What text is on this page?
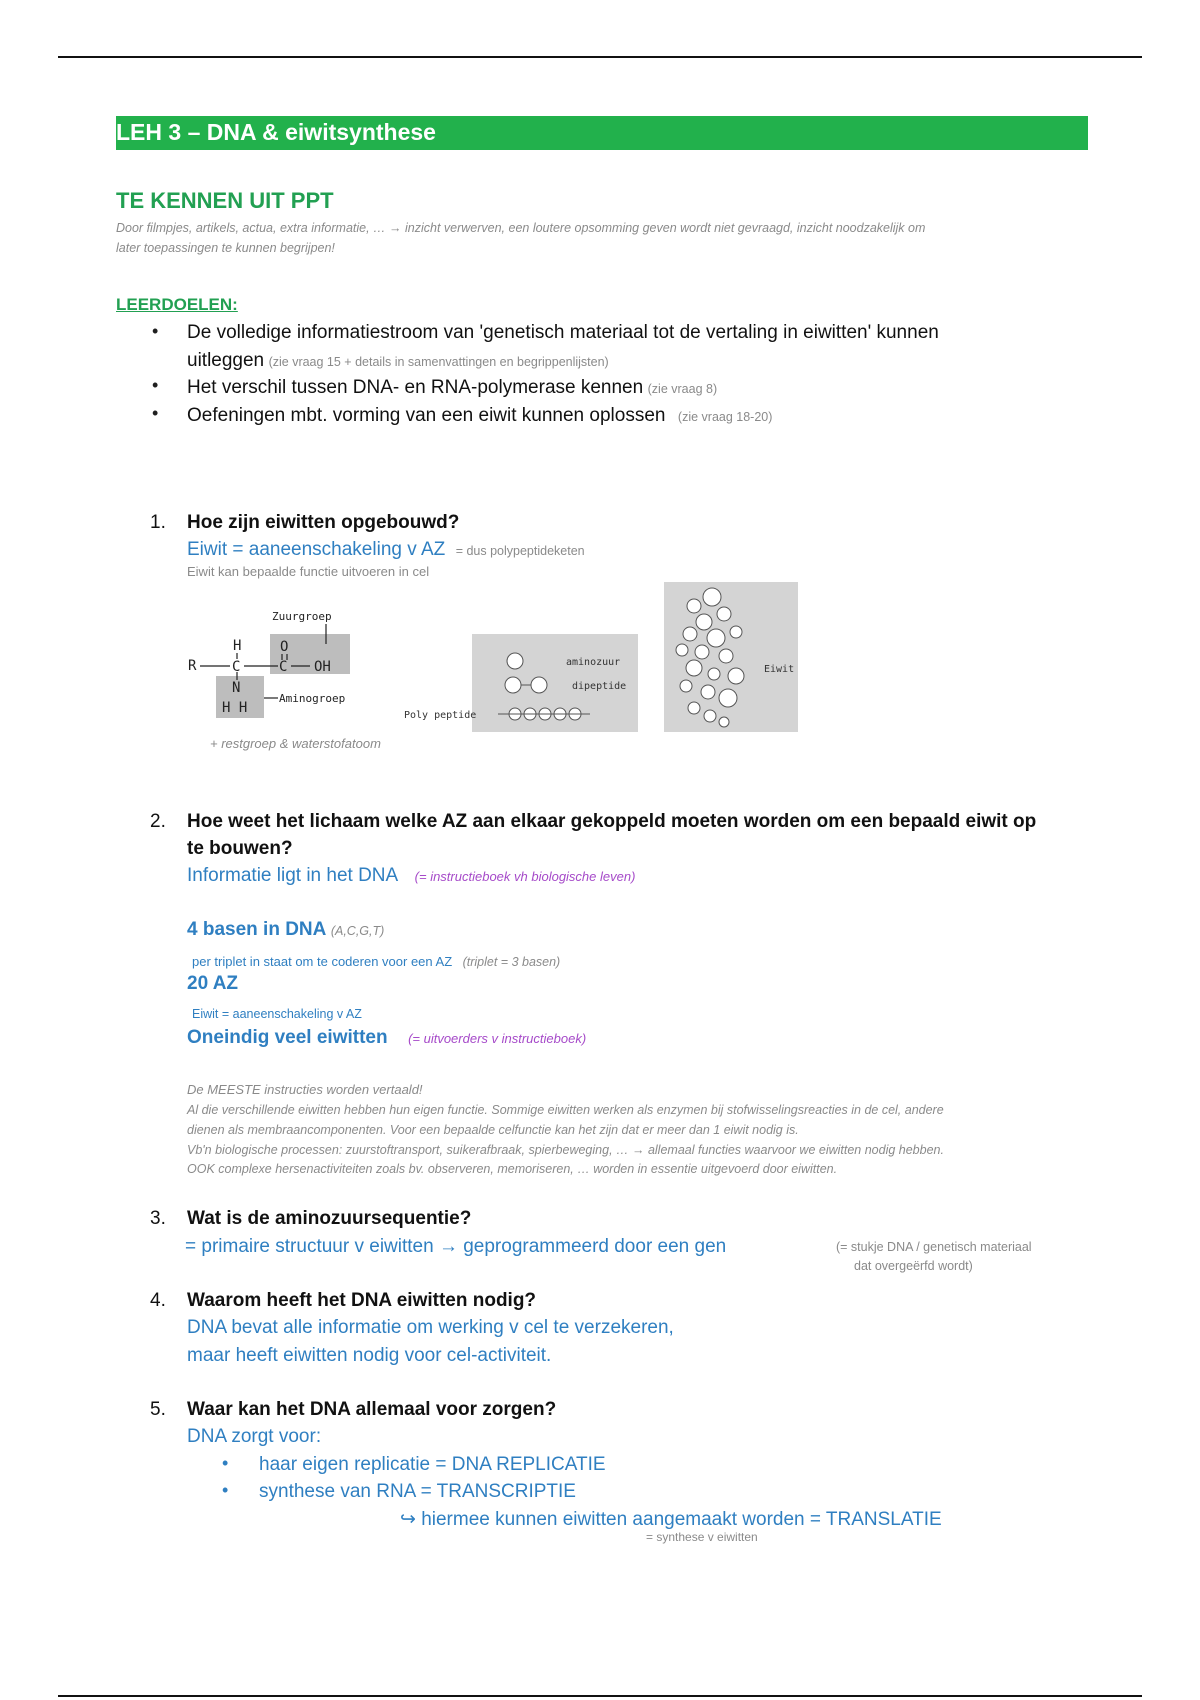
LEH 3 – DNA & eiwitsynthese
TE KENNEN UIT PPT
Door filmpjes, artikels, actua, extra informatie, … → inzicht verwerven, een loutere opsomming geven wordt niet gevraagd, inzicht noodzakelijk om
later toepassingen te kunnen begrijpen!
LEERDOELEN:
• De volledige informatiestroom van 'genetisch materiaal tot de vertaling in eiwitten' kunnen
uitleggen (zie vraag 15 + details in samenvattingen en begrippenlijsten)
• Het verschil tussen DNA- en RNA-polymerase kennen (zie vraag 8)
• Oefeningen mbt. vorming van een eiwit kunnen oplossen (zie vraag 18-20)
1. Hoe zijn eiwitten opgebouwd?
Eiwit = aaneenschakeling v AZ = dus polypeptideketen
Eiwit kan bepaalde functie uitvoeren in cel
Zuurgroep
R
H
C
O
C OH
N
H H
Aminogroep
+ restgroep & waterstofatoom
aminozuur
dipeptide
Poly peptide
Eiwit
2. Hoe weet het lichaam welke AZ aan elkaar gekoppeld moeten worden om een bepaald eiwit op
te bouwen?
Informatie ligt in het DNA (= instructieboek vh biologische leven)
4 basen in DNA (A,C,G,T)
per triplet in staat om te coderen voor een AZ (triplet = 3 basen)
20 AZ
Eiwit = aaneenschakeling v AZ
Oneindig veel eiwitten (= uitvoerders v instructieboek)
De MEESTE instructies worden vertaald!
Al die verschillende eiwitten hebben hun eigen functie. Sommige eiwitten werken als enzymen bij stofwisselingsreacties in de cel, andere
dienen als membraancomponenten. Voor een bepaalde celfunctie kan het zijn dat er meer dan 1 eiwit nodig is.
Vb'n biologische processen: zuurstoftransport, suikerafbraak, spierbeweging, … → allemaal functies waarvoor we eiwitten nodig hebben.
OOK complexe hersenactiviteiten zoals bv. observeren, memoriseren, … worden in essentie uitgevoerd door eiwitten.
3. Wat is de aminozuursequentie?
= primaire structuur v eiwitten → geprogrammeerd door een gen	(= stukje DNA / genetisch materiaal
dat overgeërfd wordt)
4. Waarom heeft het DNA eiwitten nodig?
DNA bevat alle informatie om werking v cel te verzekeren,
maar heeft eiwitten nodig voor cel-activiteit.
5. Waar kan het DNA allemaal voor zorgen?
DNA zorgt voor:
• haar eigen replicatie = DNA REPLICATIE
• synthese van RNA = TRANSCRIPTIE
↪ hiermee kunnen eiwitten aangemaakt worden = TRANSLATIE
= synthese v eiwitten
